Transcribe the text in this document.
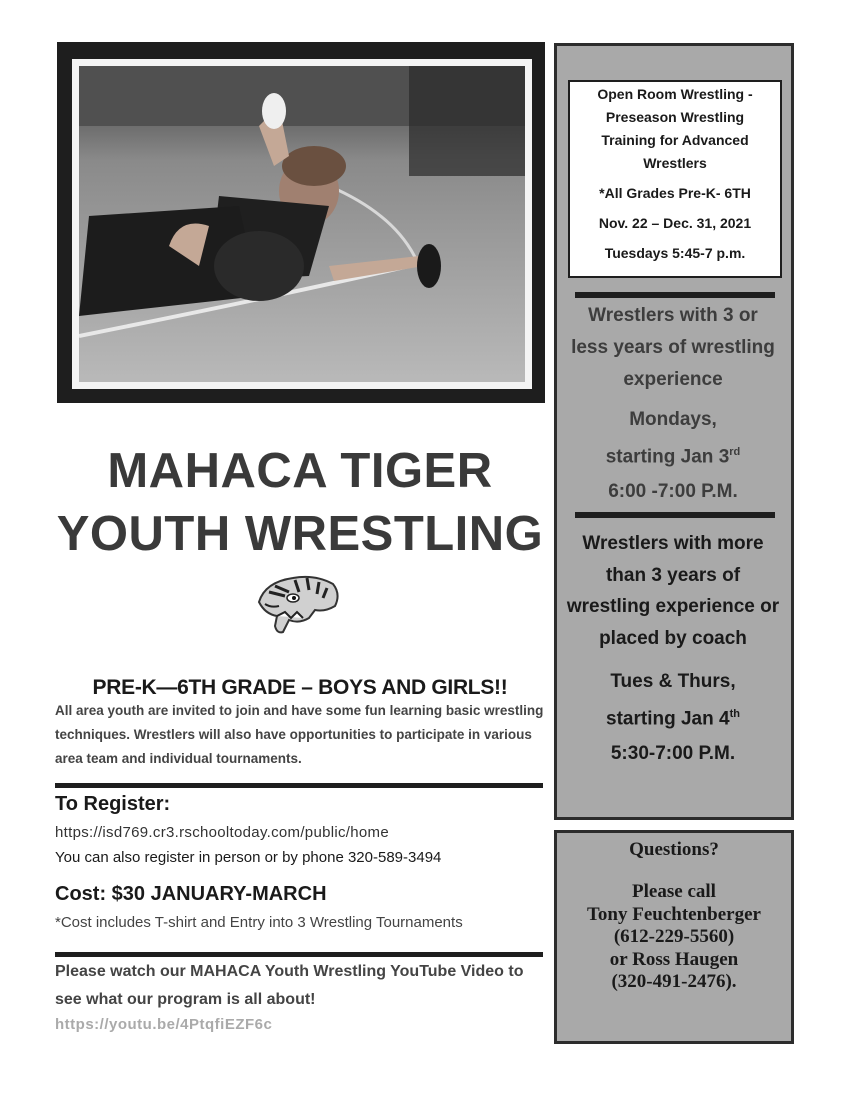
MAHACA TIGER
YOUTH WRESTLING
PRE-K—6TH GRADE – BOYS AND GIRLS!!
All area youth are invited to join and have some fun learning basic wrestling techniques. Wrestlers will also have opportunities to participate in various area team and individual tournaments.
To Register:
https://isd769.cr3.rschooltoday.com/public/home
You can also register in person or by phone 320-589-3494
Cost: $30 JANUARY-MARCH
*Cost includes T-shirt and Entry into 3 Wrestling Tournaments
Please watch our MAHACA Youth Wrestling YouTube Video to see what our program is all about!
https://youtu.be/4PtqfiEZF6c
Open Room Wrestling - Preseason Wrestling Training for Advanced Wrestlers
*All Grades Pre-K- 6TH
Nov. 22 – Dec. 31, 2021
Tuesdays 5:45-7 p.m.
Wrestlers with 3 or less years of wrestling experience
Mondays, starting Jan 3rd
6:00 -7:00 P.M.
Wrestlers with more than 3 years of wrestling experience or placed by coach
Tues & Thurs, starting Jan 4th
5:30-7:00 P.M.
Questions?
Please call
Tony Feuchtenberger
(612-229-5560)
or Ross Haugen
(320-491-2476).
